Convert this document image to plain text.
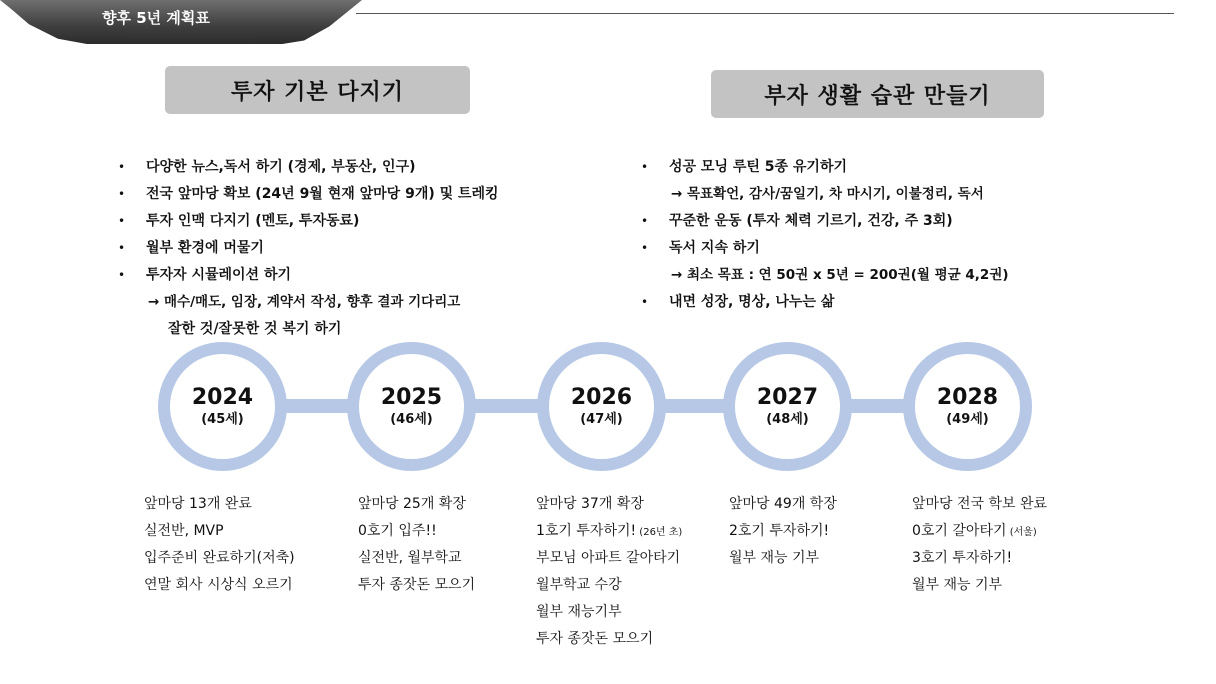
향후 5년 계획표
투자 기본 다지기	부자 생활 습관 만들기
• 다양한 뉴스,독서 하기 (경제, 부동산, 인구)
• 전국 앞마당 확보 (24년 9월 현재 앞마당 9개) 및 트레킹
• 투자 인맥 다지기 (멘토, 투자동료)
• 월부 환경에 머물기
• 투자자 시뮬레이션 하기
→ 매수/매도, 임장, 계약서 작성, 향후 결과 기다리고
잘한 것/잘못한 것 복기 하기
• 성공 모닝 루틴 5종 유기하기
→ 목표확언, 감사/꿈일기, 차 마시기, 이불정리, 독서
• 꾸준한 운동 (투자 체력 기르기, 건강, 주 3회)
• 독서 지속 하기
→ 최소 목표 : 연 50권 x 5년 = 200권(월 평균 4,2권)
• 내면 성장, 명상, 나누는 삶
2024
(45세)
앞마당 13개 완료
실전반, MVP
입주준비 완료하기(저축)
연말 회사 시상식 오르기
2025
(46세)
앞마당 25개 확장
0호기 입주!!
실전반, 월부학교
투자 종잣돈 모으기
2026
(47세)
앞마당 37개 확장
1호기 투자하기! (26년 초)
부모님 아파트 갈아타기
월부학교 수강
월부 재능기부
투자 종잣돈 모으기
2027
(48세)
앞마당 49개 학장
2호기 투자하기!
월부 재능 기부
2028
(49세)
앞마당 전국 학보 완료
0호기 갈아타기 (서울)
3호기 투자하기!
월부 재능 기부
